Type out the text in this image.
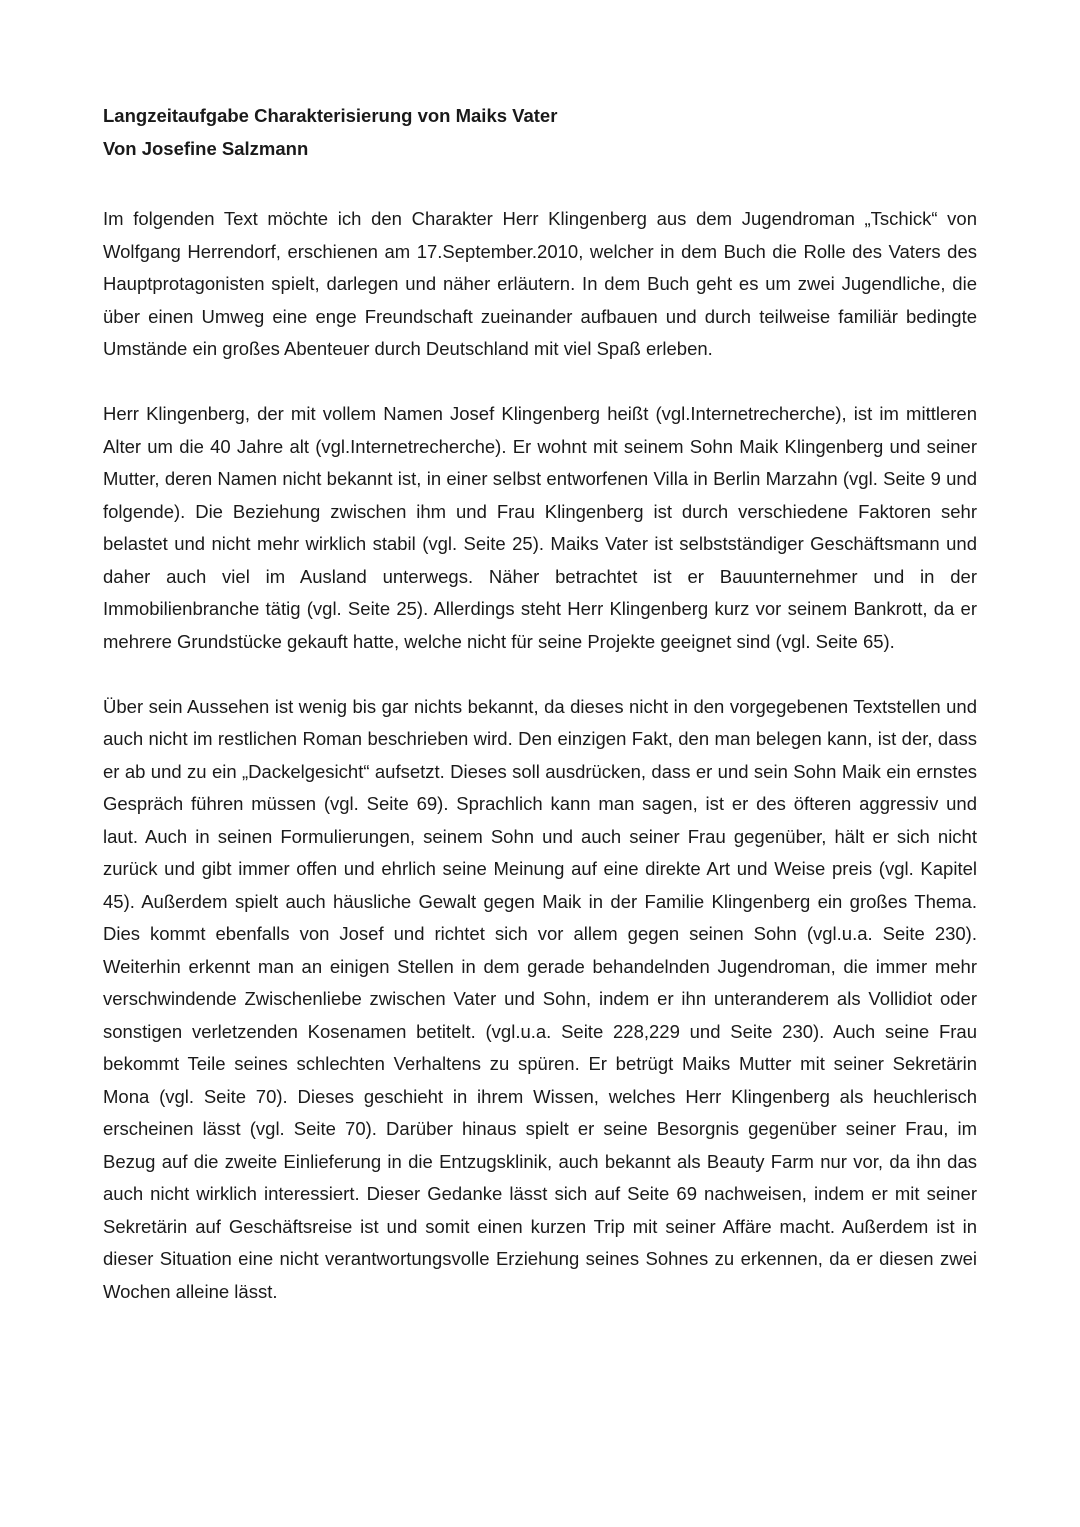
Langzeitaufgabe Charakterisierung von Maiks Vater

Von Josefine Salzmann

Im folgenden Text möchte ich den Charakter Herr Klingenberg aus dem Jugendroman „Tschick“ von Wolfgang Herrendorf, erschienen am 17.September.2010, welcher in dem Buch die Rolle des Vaters des Hauptprotagonisten spielt, darlegen und näher erläutern. In dem Buch geht es um zwei Jugendliche, die über einen Umweg eine enge Freundschaft zueinander aufbauen und durch teilweise familiär bedingte Umstände ein großes Abenteuer durch Deutschland mit viel Spaß erleben.

Herr Klingenberg, der mit vollem Namen Josef Klingenberg heißt (vgl.Internetrecherche), ist im mittleren Alter um die 40 Jahre alt (vgl.Internetrecherche). Er wohnt mit seinem Sohn Maik Klingenberg und seiner Mutter, deren Namen nicht bekannt ist, in einer selbst entworfenen Villa in Berlin Marzahn (vgl. Seite 9 und folgende). Die Beziehung zwischen ihm und Frau Klingenberg ist durch verschiedene Faktoren sehr belastet und nicht mehr wirklich stabil (vgl. Seite 25). Maiks Vater ist selbstständiger Geschäftsmann und daher auch viel im Ausland unterwegs. Näher betrachtet ist er Bauunternehmer und in der Immobilienbranche tätig (vgl. Seite 25). Allerdings steht Herr Klingenberg kurz vor seinem Bankrott, da er mehrere Grundstücke gekauft hatte, welche nicht für seine Projekte geeignet sind (vgl. Seite 65).

Über sein Aussehen ist wenig bis gar nichts bekannt, da dieses nicht in den vorgegebenen Textstellen und auch nicht im restlichen Roman beschrieben wird. Den einzigen Fakt, den man belegen kann, ist der, dass er ab und zu ein „Dackelgesicht“ aufsetzt. Dieses soll ausdrücken, dass er und sein Sohn Maik ein ernstes Gespräch führen müssen (vgl. Seite 69). Sprachlich kann man sagen, ist er des öfteren aggressiv und laut. Auch in seinen Formulierungen, seinem Sohn und auch seiner Frau gegenüber, hält er sich nicht zurück und gibt immer offen und ehrlich seine Meinung auf eine direkte Art und Weise preis (vgl. Kapitel 45). Außerdem spielt auch häusliche Gewalt gegen Maik in der Familie Klingenberg ein großes Thema. Dies kommt ebenfalls von Josef und richtet sich vor allem gegen seinen Sohn (vgl.u.a. Seite 230). Weiterhin erkennt man an einigen Stellen in dem gerade behandelnden Jugendroman, die immer mehr verschwindende Zwischenliebe zwischen Vater und Sohn, indem er ihn unteranderem als Vollidiot oder sonstigen verletzenden Kosenamen betitelt. (vgl.u.a. Seite 228,229 und Seite 230). Auch seine Frau bekommt Teile seines schlechten Verhaltens zu spüren. Er betrügt Maiks Mutter mit seiner Sekretärin Mona (vgl. Seite 70). Dieses geschieht in ihrem Wissen, welches Herr Klingenberg als heuchlerisch erscheinen lässt (vgl. Seite 70). Darüber hinaus spielt er seine Besorgnis gegenüber seiner Frau, im Bezug auf die zweite Einlieferung in die Entzugsklinik, auch bekannt als Beauty Farm nur vor, da ihn das auch nicht wirklich interessiert. Dieser Gedanke lässt sich auf Seite 69 nachweisen, indem er mit seiner Sekretärin auf Geschäftsreise ist und somit einen kurzen Trip mit seiner Affäre macht. Außerdem ist in dieser Situation eine nicht verantwortungsvolle Erziehung seines Sohnes zu erkennen, da er diesen zwei Wochen alleine lässt.
